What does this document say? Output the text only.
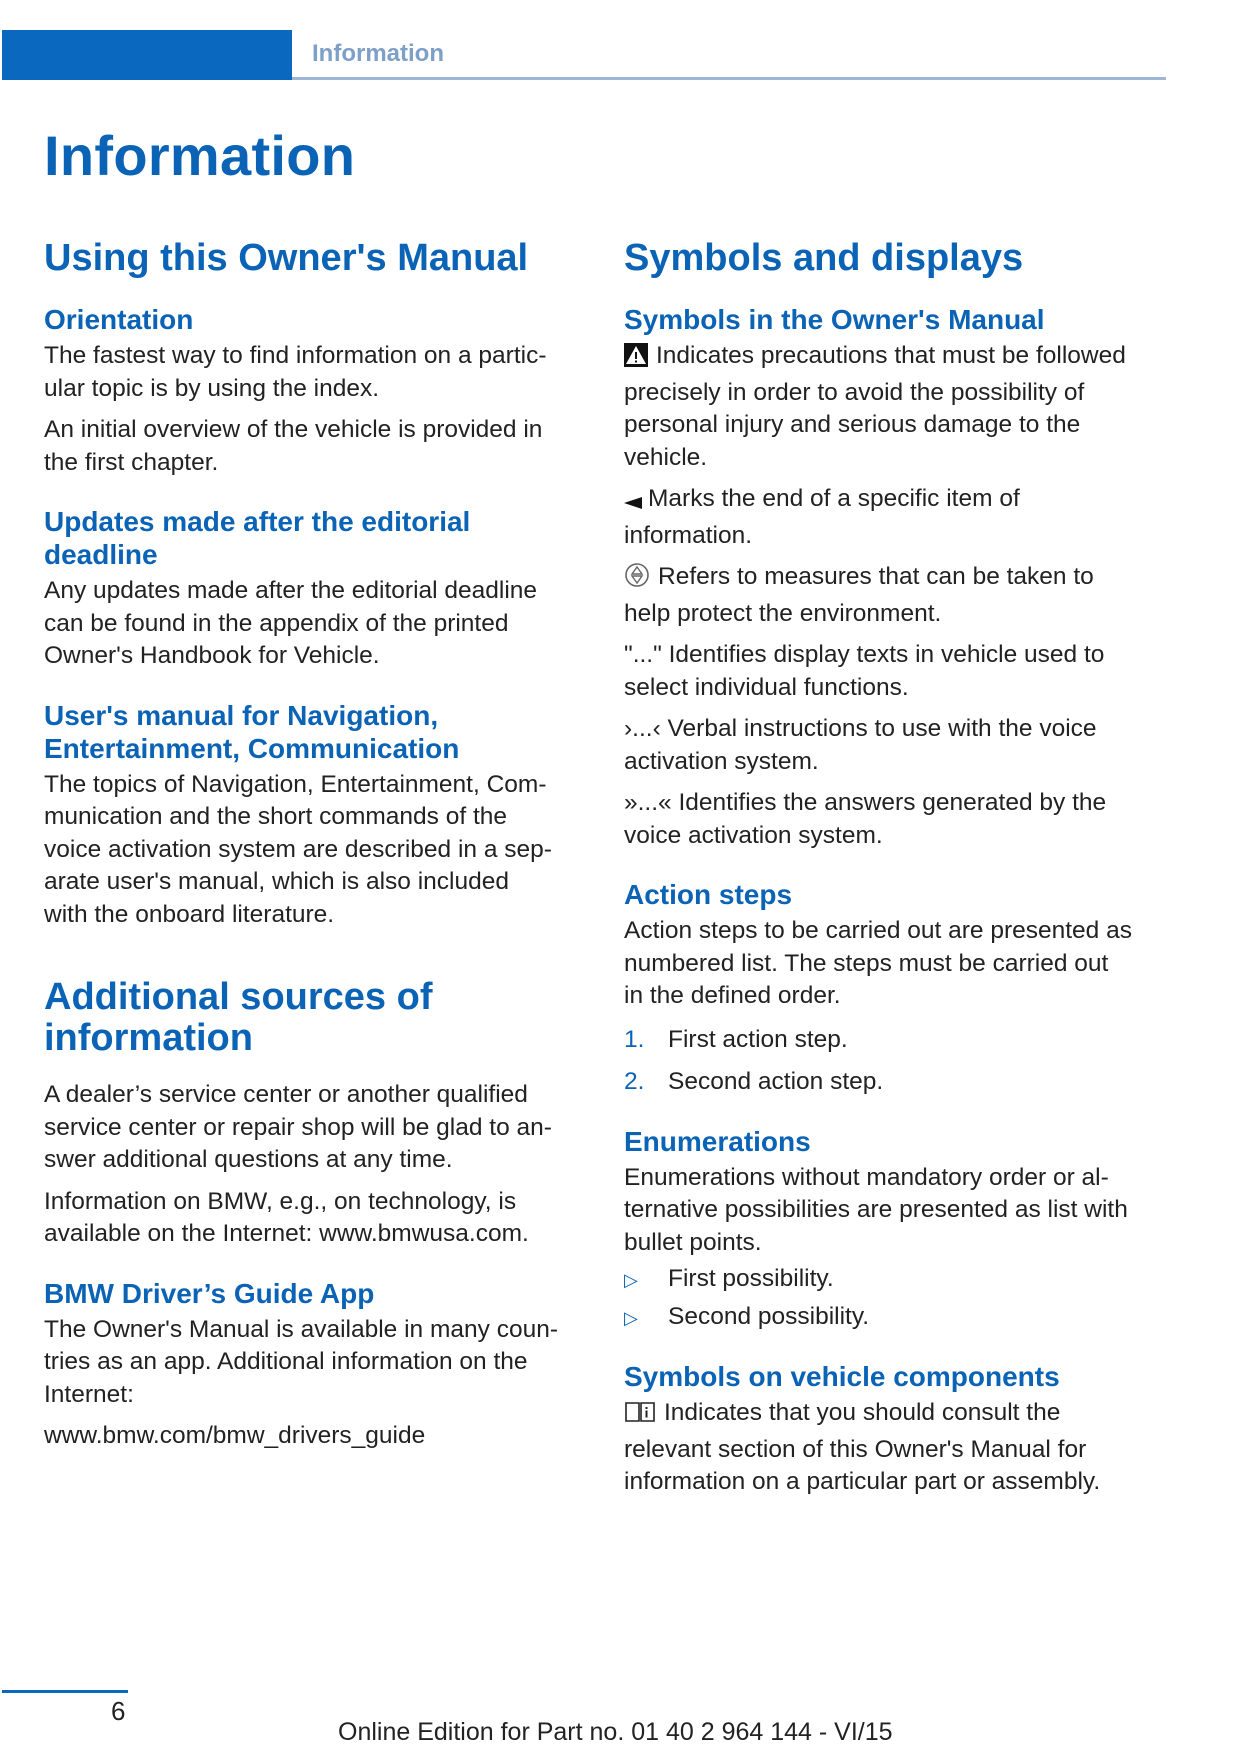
Information
Information
Using this Owner's Manual
Orientation

The fastest way to find information on a partic-
ular topic is by using the index.

An initial overview of the vehicle is provided in
the first chapter.

Updates made after the editorial
deadline

Any updates made after the editorial deadline
can be found in the appendix of the printed
Owner's Handbook for Vehicle.

User's manual for Navigation,
Entertainment, Communication

The topics of Navigation, Entertainment, Com-
munication and the short commands of the
voice activation system are described in a sep-
arate user's manual, which is also included
with the onboard literature.

Additional sources of
information

A dealer’s service center or another qualified
service center or repair shop will be glad to an-
swer additional questions at any time.

Information on BMW, e.g., on technology, is
available on the Internet: www.bmwusa.com.

BMW Driver’s Guide App

The Owner's Manual is available in many coun-
tries as an app. Additional information on the
Internet:

www.bmw.com/bmw_drivers_guide

Symbols and displays
Symbols in the Owner's Manual

Indicates precautions that must be followed
precisely in order to avoid the possibility of
personal injury and serious damage to the
vehicle.

Marks the end of a specific item of
information.

Refers to measures that can be taken to
help protect the environment.

"..." Identifies display texts in vehicle used to
select individual functions.

›...‹ Verbal instructions to use with the voice
activation system.

»...« Identifies the answers generated by the
voice activation system.

Action steps

Action steps to be carried out are presented as
numbered list. The steps must be carried out
in the defined order.

1. First action step.
2. Second action step.
Enumerations

Enumerations without mandatory order or al-
ternative possibilities are presented as list with
bullet points.

▷	First possibility.
▷	Second possibility.
Symbols on vehicle components

Indicates that you should consult the
relevant section of this Owner's Manual for
information on a particular part or assembly.

6
Online Edition for Part no. 01 40 2 964 144 - VI/15
